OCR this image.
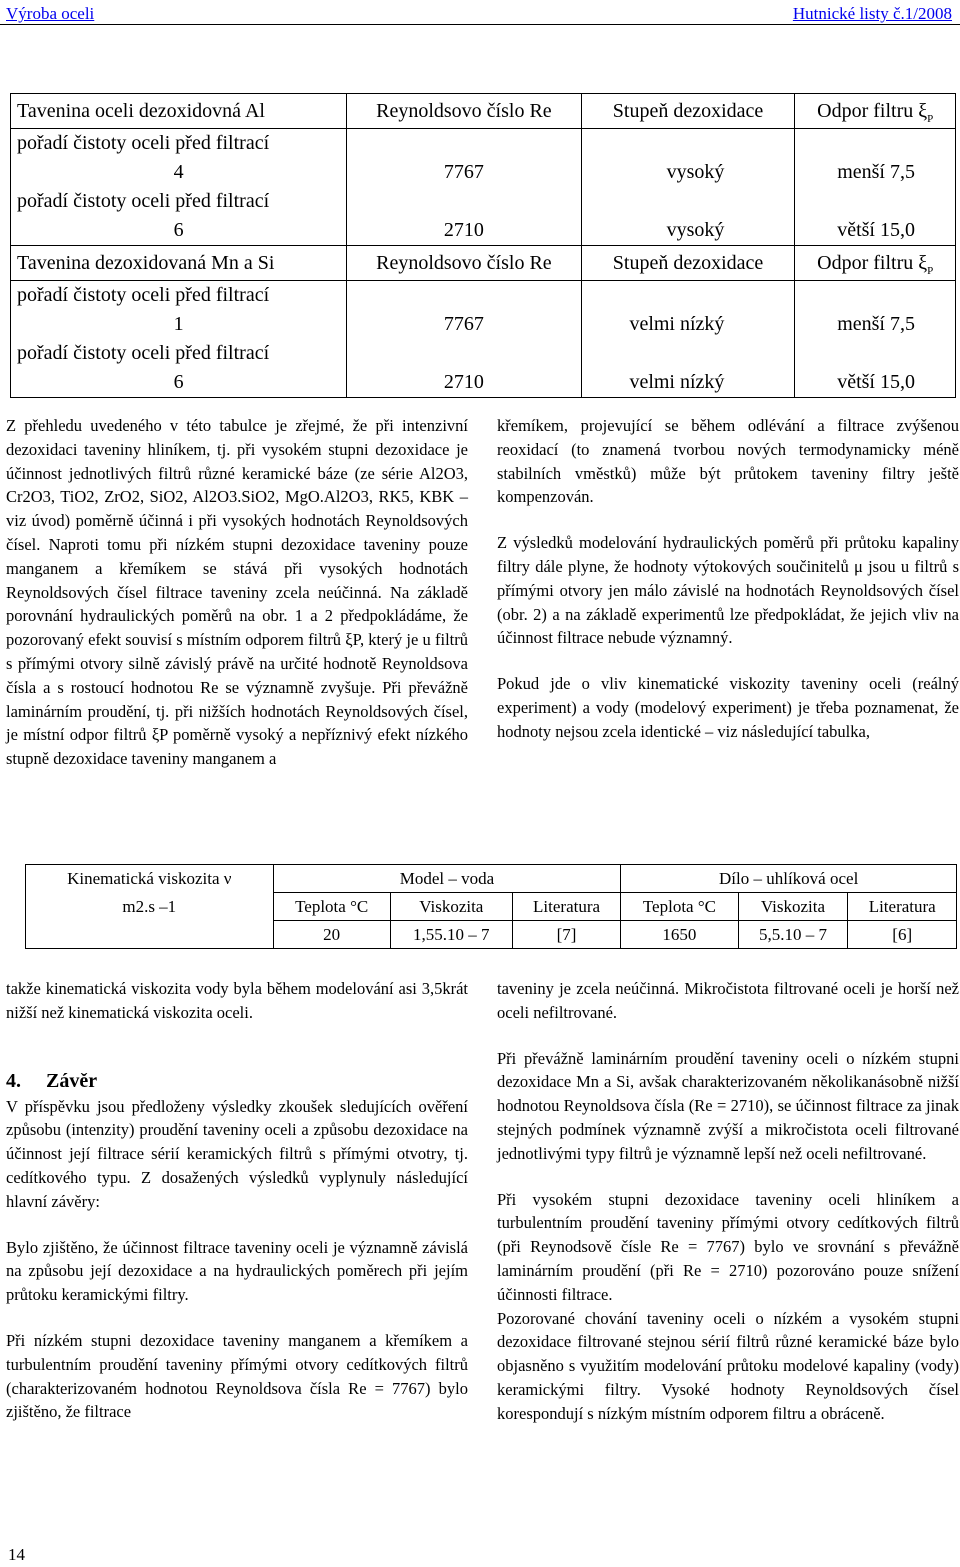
Výroba oceli	Hutnické listy č.1/2008
Tavenina oceli dezoxidovná Al	Reynoldsovo číslo Re	Stupeň dezoxidace	Odpor filtru $\xi_P$
pořadí čistoty oceli před filtrací			
4	7767	vysoký	menší 7,5
pořadí čistoty oceli před filtrací			
6	2710	vysoký	větší 15,0
Tavenina dezoxidovaná Mn a Si	Reynoldsovo číslo Re	Stupeň dezoxidace	Odpor filtru $\xi_P$
pořadí čistoty oceli před filtrací			
1	7767	velmi nízký	menší 7,5
pořadí čistoty oceli před filtrací			
6	2710	velmi nízký	větší 15,0

Z přehledu uvedeného v této tabulce je zřejmé, že při intenzivní dezoxidaci taveniny hliníkem, tj. při vysokém stupni dezoxidace je účinnost jednotlivých filtrů různé keramické báze (ze série Al2O3, Cr2O3, TiO2, ZrO2, SiO2, Al2O3.SiO2, MgO.Al2O3, RK5, KBK – viz úvod) poměrně účinná i při vysokých hodnotách Reynoldsových čísel. Naproti tomu při nízkém stupni dezoxidace taveniny pouze manganem a křemíkem se stává při vysokých hodnotách Reynoldsových čísel filtrace taveniny zcela neúčinná. Na základě porovnání hydraulických poměrů na obr. 1 a 2 předpokládáme, že pozorovaný efekt souvisí s místním odporem filtrů ξP, který je u filtrů s přímými otvory silně závislý právě na určité hodnotě Reynoldsova čísla a s rostoucí hodnotou Re se významně zvyšuje. Při převážně laminárním proudění, tj. při nižších hodnotách Reynoldsových čísel, je místní odpor filtrů ξP poměrně vysoký a nepříznivý efekt nízkého stupně dezoxidace taveniny manganem a

křemíkem, projevující se během odlévání a filtrace zvýšenou reoxidací (to znamená tvorbou nových termodynamicky méně stabilních vměstků) může být průtokem taveniny filtry ještě kompenzován.

Z výsledků modelování hydraulických poměrů při průtoku kapaliny filtry dále plyne, že hodnoty výtokových součinitelů μ jsou u filtrů s přímými otvory jen málo závislé na hodnotách Reynoldsových čísel (obr. 2) a na základě experimentů lze předpokládat, že jejich vliv na účinnost filtrace nebude významný.

Pokud jde o vliv kinematické viskozity taveniny oceli (reálný experiment) a vody (modelový experiment) je třeba poznamenat, že hodnoty nejsou zcela identické – viz následující tabulka,

Kinematická viskozita ν
m2.s –1	Model – voda			Dílo – uhlíková ocel		
	Teplota °C	Viskozita	Literatura	Teplota °C	Viskozita	Literatura
	20	1,55.10 – 7	[7]	1650	5,5.10 – 7	[6]

takže kinematická viskozita vody byla během modelování asi 3,5krát nižší než kinematická viskozita oceli.

V příspěvku jsou předloženy výsledky zkoušek sledujících ověření způsobu (intenzity) proudění taveniny oceli a způsobu dezoxidace na účinnost její filtrace sérií keramických filtrů s přímými otvotry, tj. cedítkového typu. Z dosažených výsledků vyplynuly následující hlavní závěry:

Bylo zjištěno, že účinnost filtrace taveniny oceli je významně závislá na způsobu její dezoxidace a na hydraulických poměrech při jejím průtoku keramickými filtry.

Při nízkém stupni dezoxidace taveniny manganem a křemíkem a turbulentním proudění taveniny přímými otvory cedítkových filtrů (charakterizovaném hodnotou Reynoldsova čísla Re = 7767) bylo zjištěno, že filtrace

4. Závěr

taveniny je zcela neúčinná. Mikročistota filtrované oceli je horší než oceli nefiltrované.

Při převážně laminárním proudění taveniny oceli o nízkém stupni dezoxidace Mn a Si, avšak charakterizovaném několikanásobně nižší hodnotou Reynoldsova čísla (Re = 2710), se účinnost filtrace za jinak stejných podmínek významně zvýší a mikročistota oceli filtrované jednotlivými typy filtrů je významně lepší než oceli nefiltrované.

Při vysokém stupni dezoxidace taveniny oceli hliníkem a turbulentním proudění taveniny přímými otvory cedítkových filtrů (při Reynodsově čísle Re = 7767) bylo ve srovnání s převážně laminárním proudění (při Re = 2710) pozorováno pouze snížení účinnosti filtrace.

Pozorované chování taveniny oceli o nízkém a vysokém stupni dezoxidace filtrované stejnou sérií filtrů různé keramické báze bylo objasněno s využitím modelování průtoku modelové kapaliny (vody) keramickými filtry. Vysoké hodnoty Reynoldsových čísel korespondují s nízkým místním odporem filtru a obráceně.

14
